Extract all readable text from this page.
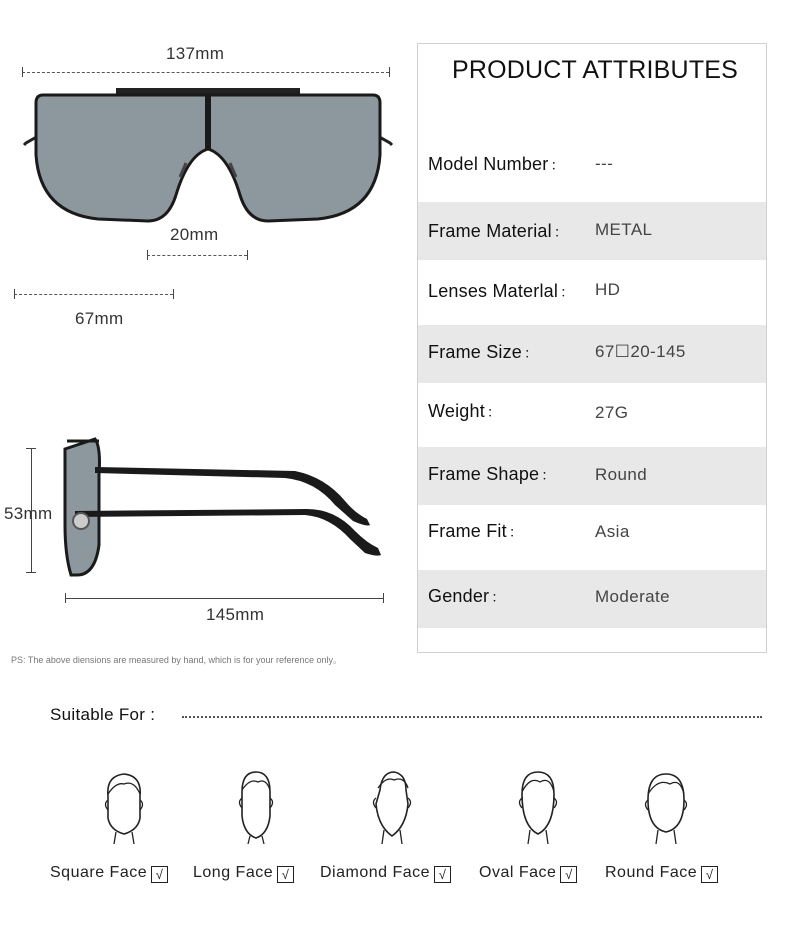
137mm
20mm
67mm
53mm
145mm
PS: The above diensions are measured by hand, which is for your reference only。
PRODUCT ATTRIBUTES
Model Number ： ---
Frame Material ： METAL
Lenses Materlal ： HD
Frame Size ：	67☐20-145
Weight ：	27G
Frame Shape ： Round
Frame Fit ：	Asia
Gender ：	Moderate
Suitable For :
Square Face √ Long Face √ Diamond Face √ Oval Face √ Round Face √
